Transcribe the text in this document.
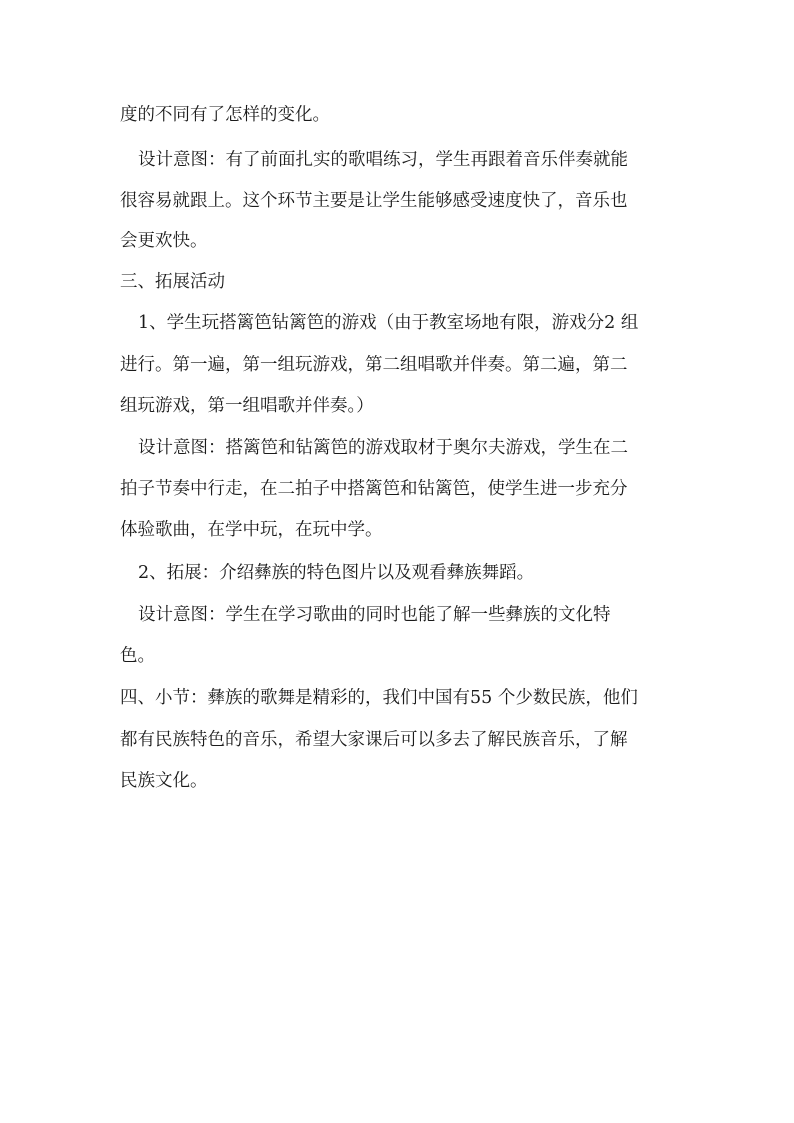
度的不同有了怎样的变化。
设计意图：有了前面扎实的歌唱练习，学生再跟着音乐伴奏就能
很容易就跟上。这个环节主要是让学生能够感受速度快了，音乐也
会更欢快。
三、拓展活动
1、学生玩搭篱笆钻篱笆的游戏（由于教室场地有限，游戏分2 组
进行。第一遍，第一组玩游戏，第二组唱歌并伴奏。第二遍，第二
组玩游戏，第一组唱歌并伴奏。）
设计意图：搭篱笆和钻篱笆的游戏取材于奥尔夫游戏，学生在二
拍子节奏中行走，在二拍子中搭篱笆和钻篱笆，使学生进一步充分
体验歌曲，在学中玩，在玩中学。
2、拓展：介绍彝族的特色图片以及观看彝族舞蹈。
设计意图：学生在学习歌曲的同时也能了解一些彝族的文化特
色。
四、小节：彝族的歌舞是精彩的，我们中国有55 个少数民族，他们
都有民族特色的音乐，希望大家课后可以多去了解民族音乐，了解
民族文化。
